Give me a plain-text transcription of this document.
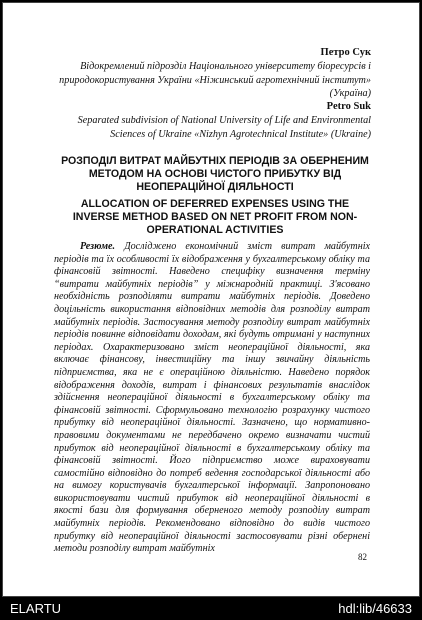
Петро Сук
Відокремлений підрозділ Національного університету біоресурсів і природокористування України «Ніжинський агротехнічний інститут» (Україна)
Petro Suk
Separated subdivision of National University of Life and Environmental Sciences of Ukraine «Nizhyn Agrotechnical Institute» (Ukraine)
РОЗПОДІЛ ВИТРАТ МАЙБУТНІХ ПЕРІОДІВ ЗА ОБЕРНЕНИМ МЕТОДОМ НА ОСНОВІ ЧИСТОГО ПРИБУТКУ ВІД НЕОПЕРАЦІЙНОЇ ДІЯЛЬНОСТІ
ALLOCATION OF DEFERRED EXPENSES USING THE INVERSE METHOD BASED ON NET PROFIT FROM NON-OPERATIONAL ACTIVITIES

Резюме. Досліджено економічний зміст витрат майбутніх періодів та їх особливості їх відображення у бухгалтерському обліку та фінансовій звітності. Наведено специфіку визначення терміну “витрати майбутніх періодів” у міжнародній практиці. З'ясовано необхідність розподіляти витрати майбутніх періодів. Доведено доцільність використання відповідних методів для розподілу витрат майбутніх періодів. Застосування методу розподілу витрат майбутніх періодів повинне відповідати доходам, які будуть отримані у наступних періодах. Охарактеризовано зміст неопераційної діяльності, яка включає фінансову, інвестиційну та іншу звичайну діяльність підприємства, яка не є операційною діяльністю. Наведено порядок відображення доходів, витрат і фінансових результатів внаслідок здійснення неопераційної діяльності в бухгалтерському обліку та фінансовій звітності. Сформульовано технологію розрахунку чистого прибутку від неопераційної діяльності. Зазначено, що нормативно-правовими документами не передбачено окремо визначати чистий прибуток від неопераційної діяльності в бухгалтерському обліку та фінансовій звітності. Його підприємство може вираховувати самостійно відповідно до потреб ведення господарської діяльності або на вимогу користувачів бухгалтерської інформації. Запропоновано використовувати чистий прибуток від неопераційної діяльності в якості бази для формування оберненого методу розподілу витрат майбутніх періодів. Рекомендовано відповідно до видів чистого прибутку від неопераційної діяльності застосовувати різні обернені методи розподілу витрат майбутніх

82
ELARTU	hdl:lib/46633
